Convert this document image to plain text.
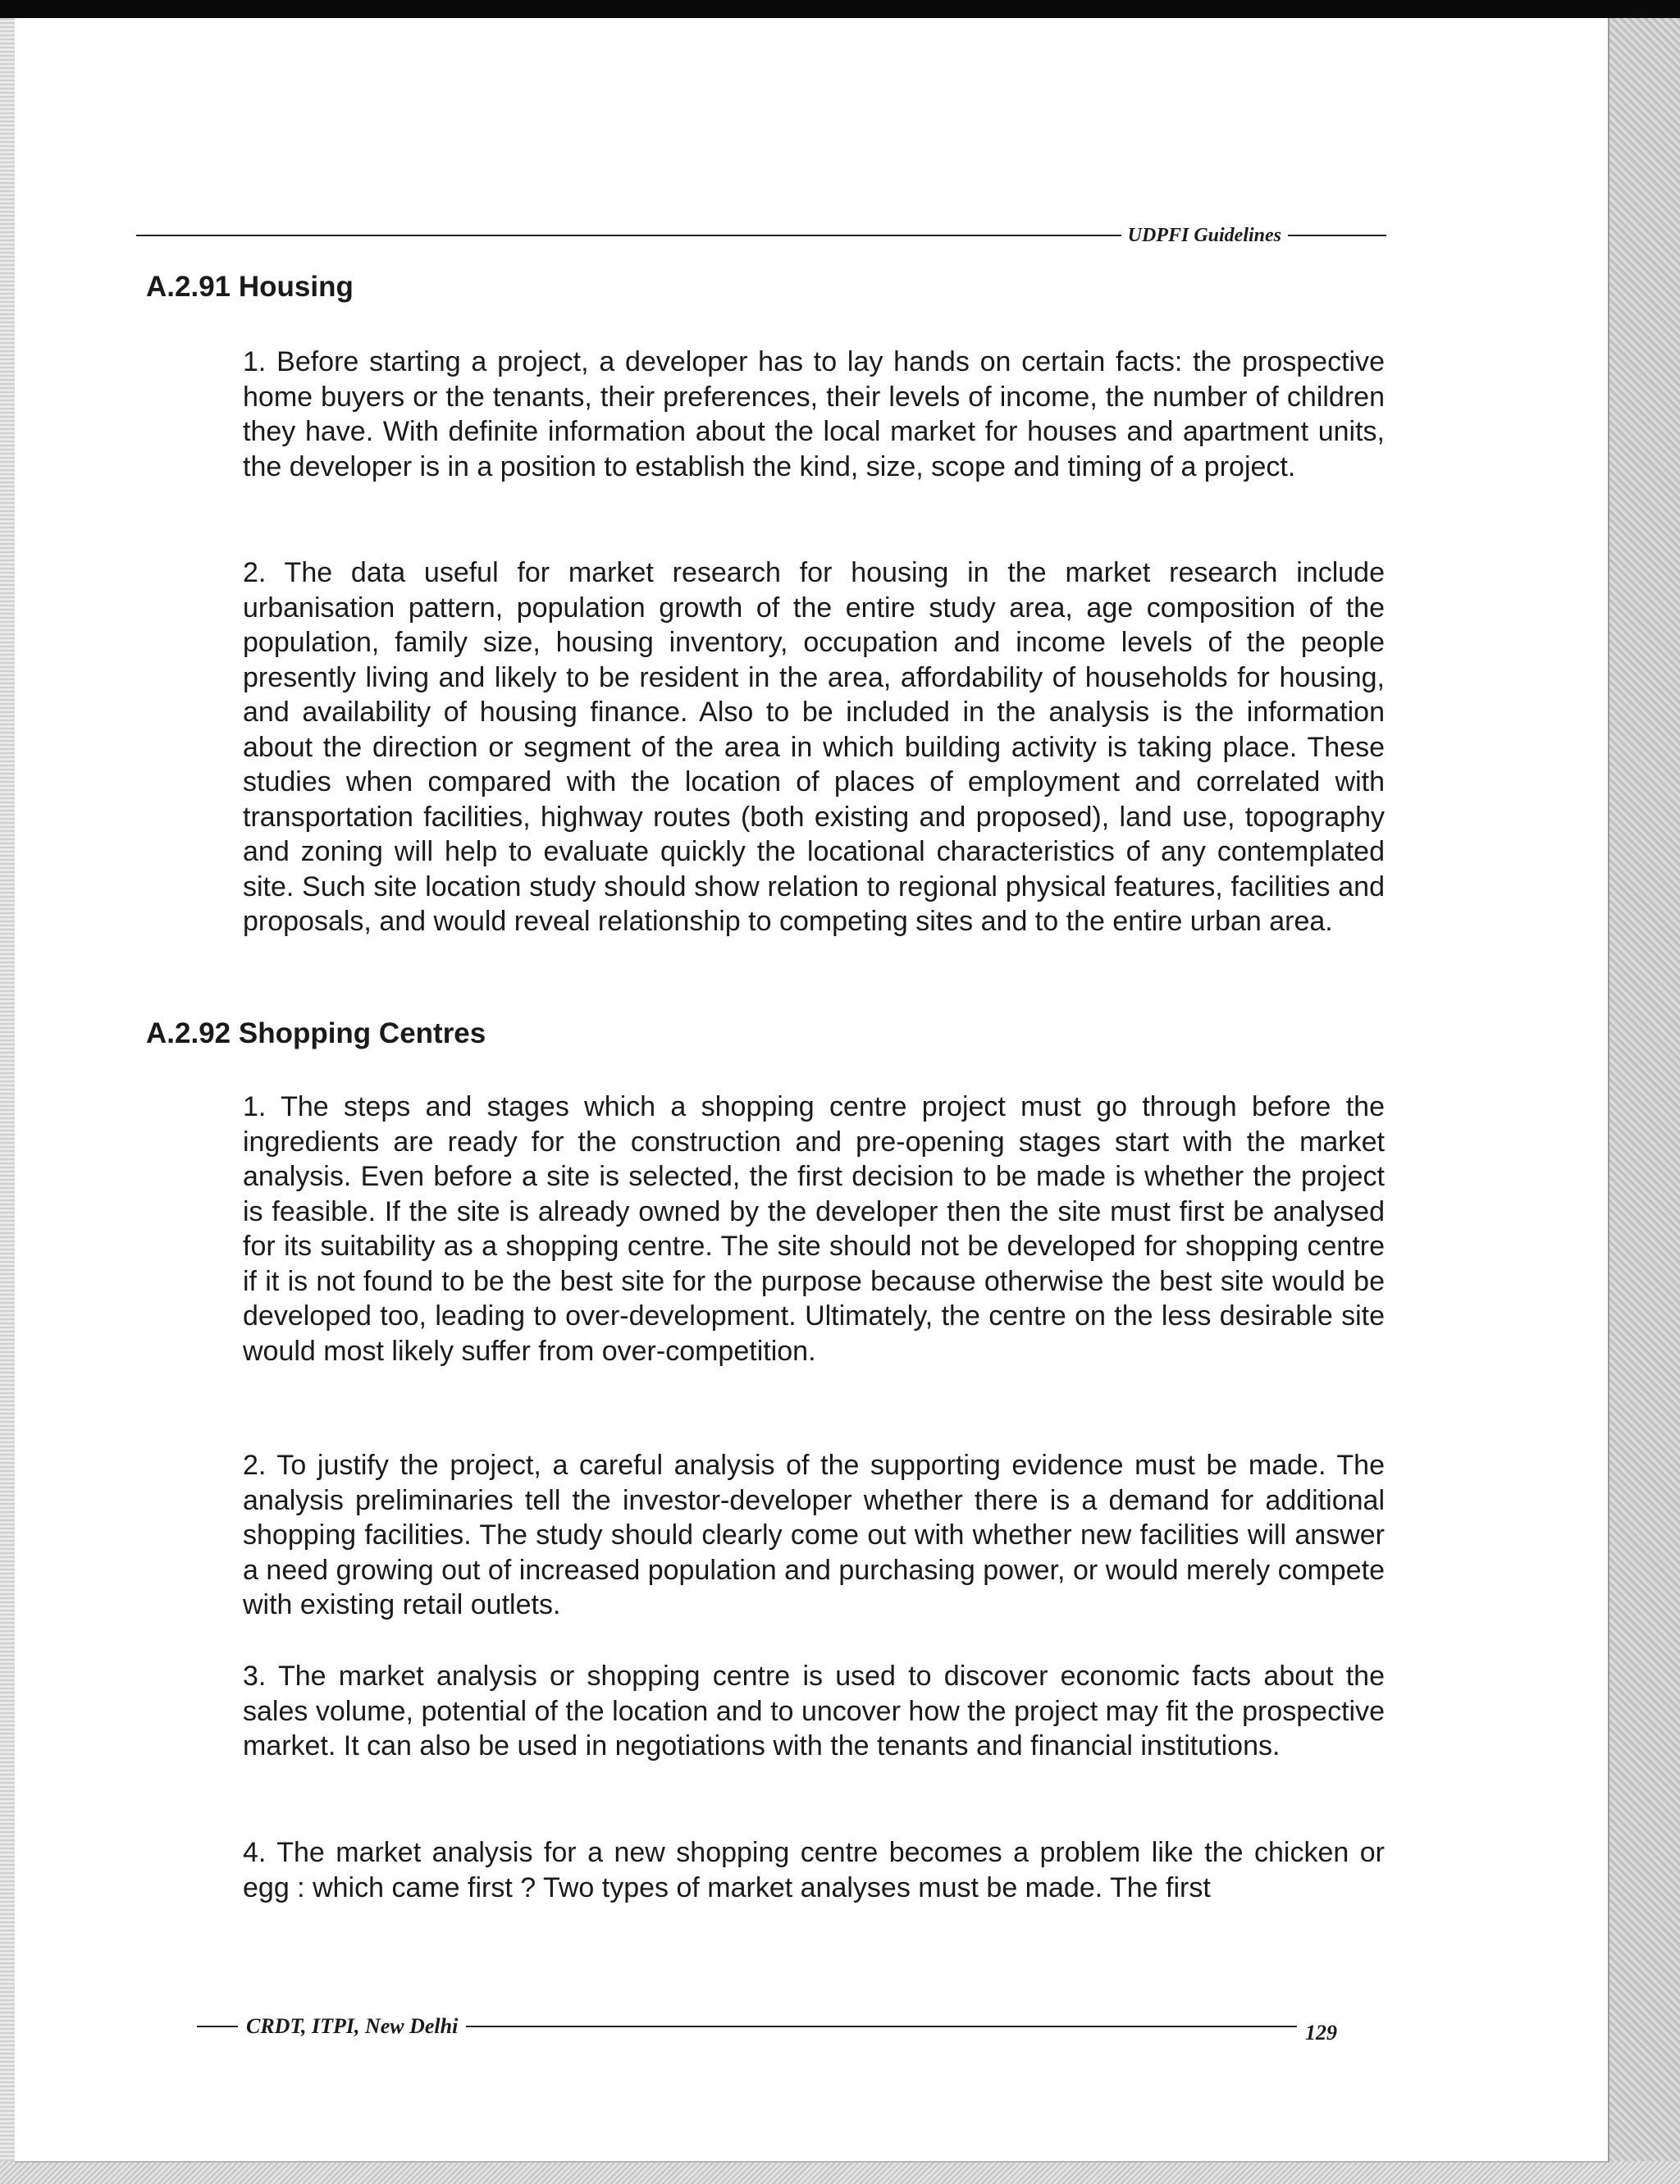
UDPFI Guidelines
A.2.91 Housing

1. Before starting a project, a developer has to lay hands on certain facts: the prospective home buyers or the tenants, their preferences, their levels of income, the number of children they have. With definite information about the local market for houses and apartment units, the developer is in a position to establish the kind, size, scope and timing of a project.

2. The data useful for market research for housing in the market research include urbanisation pattern, population growth of the entire study area, age composition of the population, family size, housing inventory, occupation and income levels of the people presently living and likely to be resident in the area, affordability of households for housing, and availability of housing finance. Also to be included in the analysis is the information about the direction or segment of the area in which building activity is taking place. These studies when compared with the location of places of employment and correlated with transportation facilities, highway routes (both existing and proposed), land use, topography and zoning will help to evaluate quickly the locational characteristics of any contemplated site. Such site location study should show relation to regional physical features, facilities and proposals, and would reveal relationship to competing sites and to the entire urban area.

A.2.92 Shopping Centres

1. The steps and stages which a shopping centre project must go through before the ingredients are ready for the construction and pre-opening stages start with the market analysis. Even before a site is selected, the first decision to be made is whether the project is feasible. If the site is already owned by the developer then the site must first be analysed for its suitability as a shopping centre. The site should not be developed for shopping centre if it is not found to be the best site for the purpose because otherwise the best site would be developed too, leading to over-development. Ultimately, the centre on the less desirable site would most likely suffer from over-competition.

2. To justify the project, a careful analysis of the supporting evidence must be made. The analysis preliminaries tell the investor-developer whether there is a demand for additional shopping facilities. The study should clearly come out with whether new facilities will answer a need growing out of increased population and purchasing power, or would merely compete with existing retail outlets.

3. The market analysis or shopping centre is used to discover economic facts about the sales volume, potential of the location and to uncover how the project may fit the prospective market. It can also be used in negotiations with the tenants and financial institutions.

4. The market analysis for a new shopping centre becomes a problem like the chicken or egg : which came first ? Two types of market analyses must be made. The first

CRDT, ITPI, New Delhi	129
